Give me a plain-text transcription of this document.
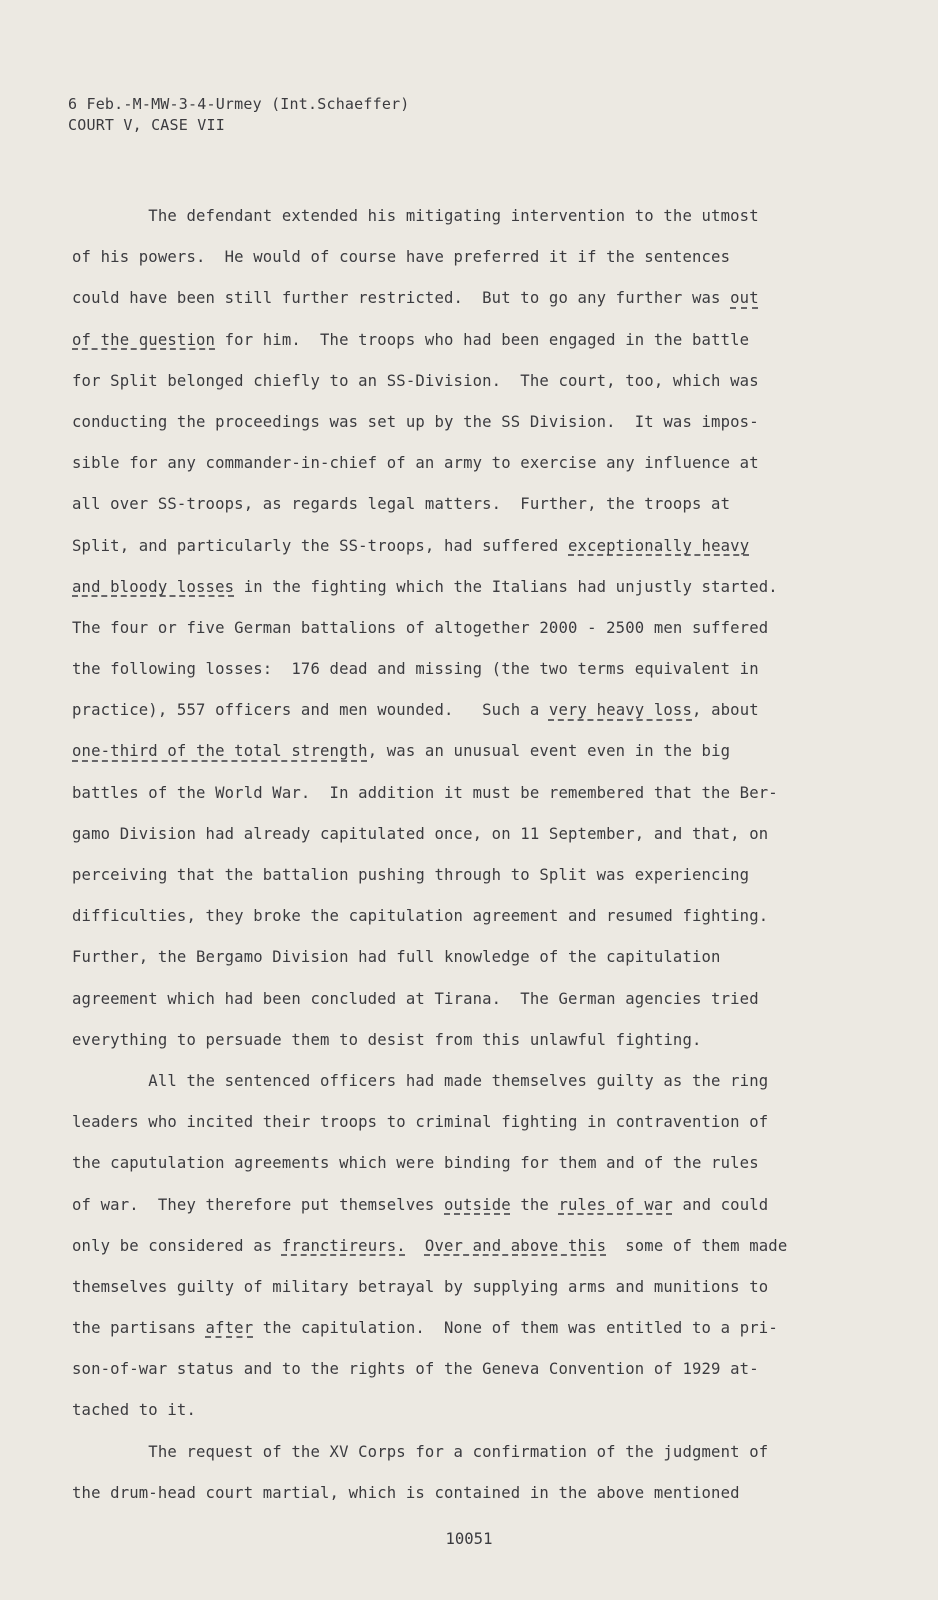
6 Feb.-M-MW-3-4-Urmey (Int.Schaeffer)
COURT V, CASE VII
The defendant extended his mitigating intervention to the utmost
of his powers.  He would of course have preferred it if the sentences
could have been still further restricted.  But to go any further was out
of the question for him.  The troops who had been engaged in the battle
for Split belonged chiefly to an SS-Division.  The court, too, which was
conducting the proceedings was set up by the SS Division.  It was impos-
sible for any commander-in-chief of an army to exercise any influence at
all over SS-troops, as regards legal matters.  Further, the troops at
Split, and particularly the SS-troops, had suffered exceptionally heavy
and bloody losses in the fighting which the Italians had unjustly started.
The four or five German battalions of altogether 2000 - 2500 men suffered
the following losses:  176 dead and missing (the two terms equivalent in
practice), 557 officers and men wounded.   Such a very heavy loss, about
one-third of the total strength, was an unusual event even in the big
battles of the World War.  In addition it must be remembered that the Ber-
gamo Division had already capitulated once, on 11 September, and that, on
perceiving that the battalion pushing through to Split was experiencing
difficulties, they broke the capitulation agreement and resumed fighting.
Further, the Bergamo Division had full knowledge of the capitulation
agreement which had been concluded at Tirana.  The German agencies tried
everything to persuade them to desist from this unlawful fighting.
All the sentenced officers had made themselves guilty as the ring
leaders who incited their troops to criminal fighting in contravention of
the caputulation agreements which were binding for them and of the rules
of war.  They therefore put themselves outside the rules of war and could
only be considered as franctireurs. Over and above this  some of them made
themselves guilty of military betrayal by supplying arms and munitions to
the partisans after the capitulation.  None of them was entitled to a pri-
son-of-war status and to the rights of the Geneva Convention of 1929 at-
tached to it.
The request of the XV Corps for a confirmation of the judgment of
the drum-head court martial, which is contained in the above mentioned
10051
